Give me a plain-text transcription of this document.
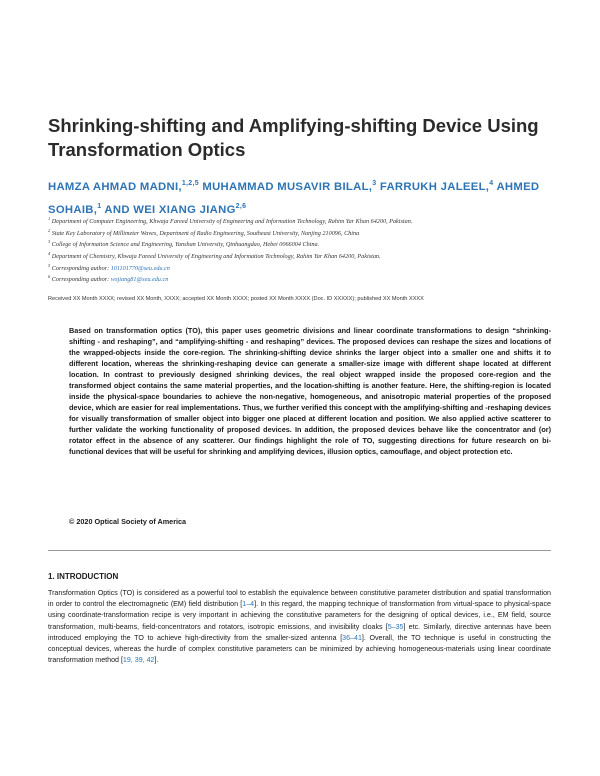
Shrinking-shifting and Amplifying-shifting Device Using Transformation Optics
HAMZA AHMAD MADNI,$^{1,2,5}$ MUHAMMAD MUSAVIR BILAL,$^3$ FARRUKH JALEEL,$^4$ AHMED SOHAIB,$^1$ AND WEI XIANG JIANG$^{2,6}$
$^1$ Department of Computer Engineering, Khwaja Fareed University of Engineering and Information Technology, Rahim Yar Khan 64200, Pakistan.
$^2$ State Key Laboratory of Millimeter Waves, Department of Radio Engineering, Southeast University, Nanjing 210096, China
$^3$ College of Information Science and Engineering, Yanshan University, Qinhuangdao, Hebei 0066004 China.
$^4$ Department of Chemistry, Khwaja Fareed University of Engineering and Information Technology, Rahim Yar Khan 64200, Pakistan.
$^5$ Corresponding author: 101101770@seu.edu.cn
$^6$ Corresponding author: wxjiang81@seu.edu.cn
Received XX Month XXXX; revised XX Month, XXXX; accepted XX Month XXXX; posted XX Month XXXX (Doc. ID XXXXX); published XX Month XXXX

Based on transformation optics (TO), this paper uses geometric divisions and linear coordinate transformations to design “shrinking-shifting - and reshaping”, and “amplifying-shifting - and reshaping” devices. The proposed devices can reshape the sizes and locations of the wrapped-objects inside the core-region. The shrinking-shifting device shrinks the larger object into a smaller one and shifts it to different location, whereas the shrinking-reshaping device can generate a smaller-size image with different shape located at different location. In contrast to previously designed shrinking devices, the real object wrapped inside the proposed core-region and the transformed object contains the same material properties, and the location-shifting is another feature. Here, the shifting-region is located inside the physical-space boundaries to achieve the non-negative, homogeneous, and anisotropic material properties of the proposed device, which are easier for real implementations. Thus, we further verified this concept with the amplifying-shifting and -reshaping devices for visually transformation of smaller object into bigger one placed at different location and position. We also applied active scatterer to further validate the working functionality of proposed devices. In addition, the proposed devices behave like the concentrator and (or) rotator effect in the absence of any scatterer. Our findings highlight the role of TO, suggesting directions for future research on bi-functional devices that will be useful for shrinking and amplifying devices, illusion optics, camouflage, and object protection etc.

© 2020 Optical Society of America
1. INTRODUCTION

Transformation Optics (TO) is considered as a powerful tool to establish the equivalence between constitutive parameter distribution and spatial transformation in order to control the electromagnetic (EM) field distribution [1–4]. In this regard, the mapping technique of transformation from virtual-space to physical-space using coordinate-transformation recipe is very important in achieving the constitutive parameters for the designing of optical devices, i.e., EM field, source transformation, multi-beams, field-concentrators and rotators, isotropic emissions, and invisibility cloaks [5–35] etc. Similarly, directive antennas have been introduced employing the TO to achieve high-directivity from the smaller-sized antenna [36–41]. Overall, the TO technique is useful in constructing the conceptual devices, whereas the hurdle of complex constitutive parameters can be minimized by achieving homogeneous-materials using linear coordinate transformation method [19, 39, 42].
